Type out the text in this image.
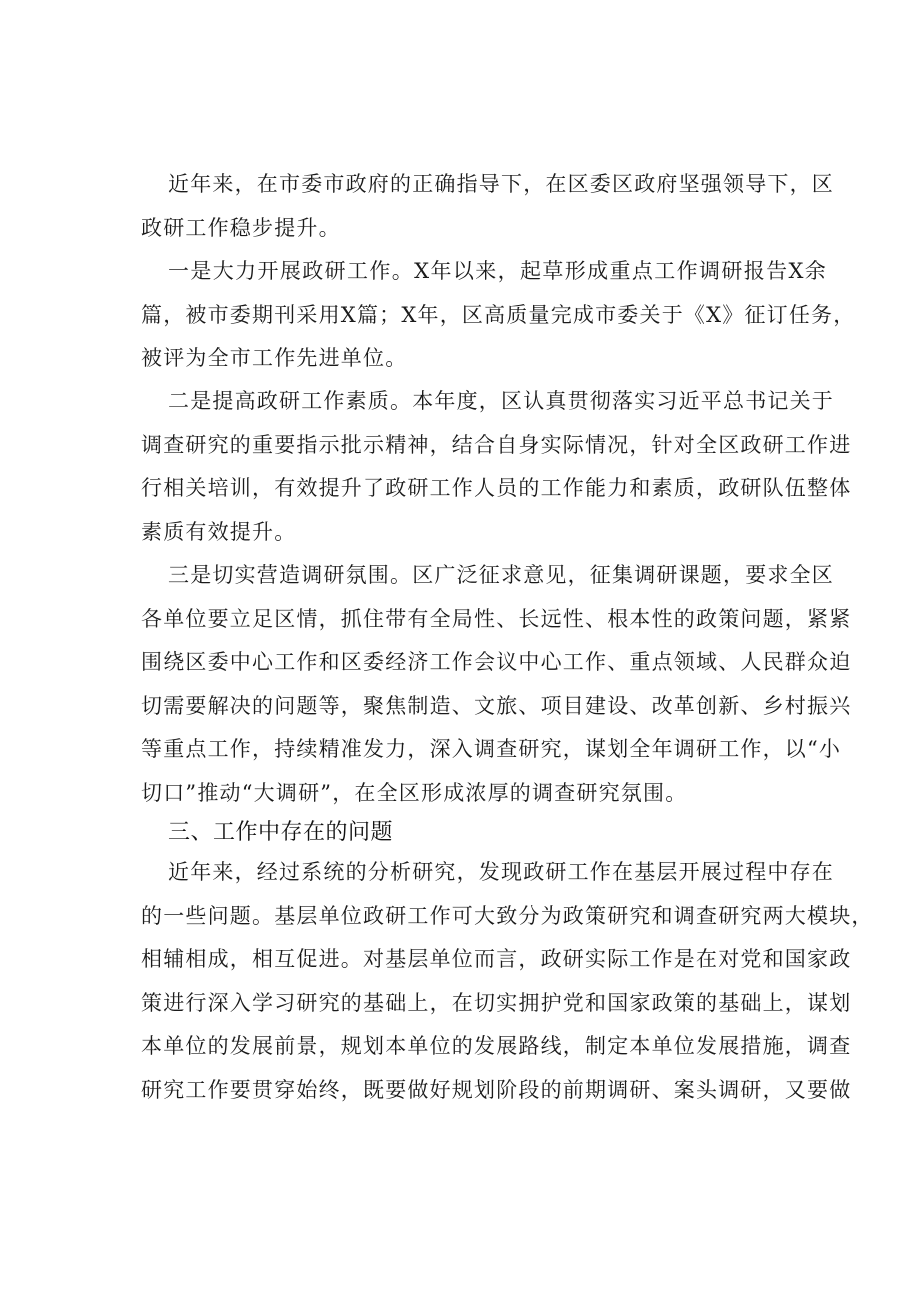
近年来，在市委市政府的正确指导下，在区委区政府坚强领导下，区
政研工作稳步提升。
一是大力开展政研工作。X年以来，起草形成重点工作调研报告X余
篇，被市委期刊采用X篇；X年，区高质量完成市委关于《X》征订任务，
被评为全市工作先进单位。
二是提高政研工作素质。本年度，区认真贯彻落实习近平总书记关于
调查研究的重要指示批示精神，结合自身实际情况，针对全区政研工作进
行相关培训，有效提升了政研工作人员的工作能力和素质，政研队伍整体
素质有效提升。
三是切实营造调研氛围。区广泛征求意见，征集调研课题，要求全区
各单位要立足区情，抓住带有全局性、长远性、根本性的政策问题，紧紧
围绕区委中心工作和区委经济工作会议中心工作、重点领域、人民群众迫
切需要解决的问题等，聚焦制造、文旅、项目建设、改革创新、乡村振兴
等重点工作，持续精准发力，深入调查研究，谋划全年调研工作，以“小
切口”推动“大调研”，在全区形成浓厚的调查研究氛围。
三、工作中存在的问题
近年来，经过系统的分析研究，发现政研工作在基层开展过程中存在
的一些问题。基层单位政研工作可大致分为政策研究和调查研究两大模块，
相辅相成，相互促进。对基层单位而言，政研实际工作是在对党和国家政
策进行深入学习研究的基础上，在切实拥护党和国家政策的基础上，谋划
本单位的发展前景，规划本单位的发展路线，制定本单位发展措施，调查
研究工作要贯穿始终，既要做好规划阶段的前期调研、案头调研，又要做
